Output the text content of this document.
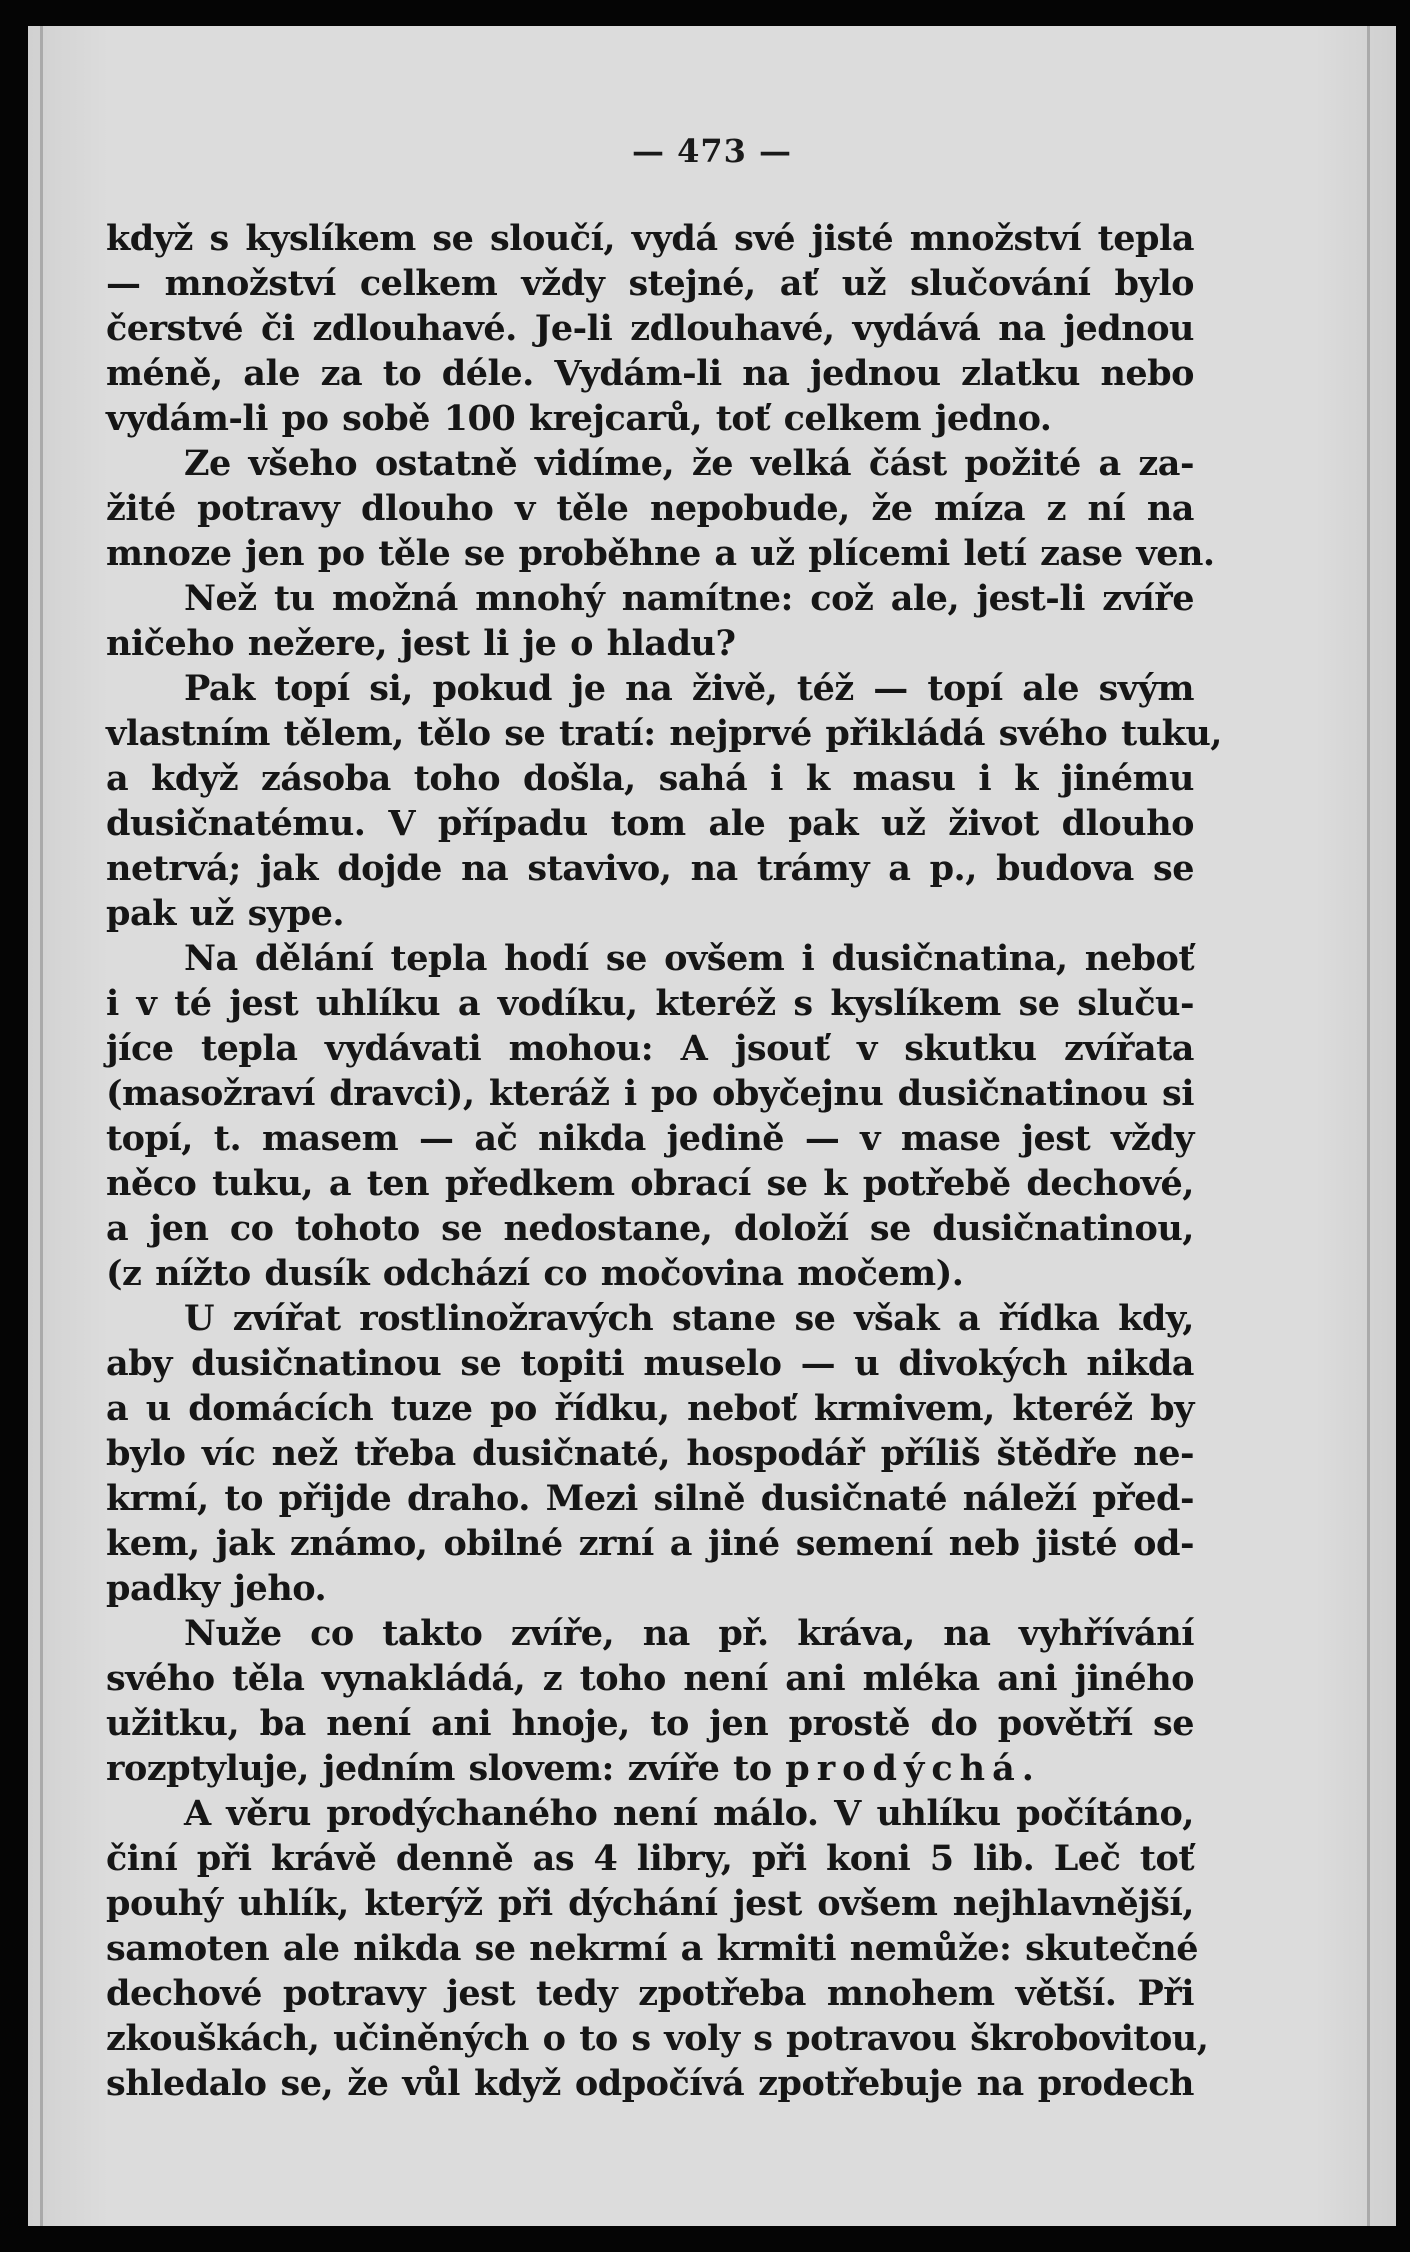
— 473 —
když s kyslíkem se sloučí, vydá své jisté množství tepla
— množství celkem vždy stejné, ať už slučování bylo
čerstvé či zdlouhavé. Je-li zdlouhavé, vydává na jednou
méně, ale za to déle. Vydám-li na jednou zlatku nebo
vydám-li po sobě 100 krejcarů, toť celkem jedno.
Ze všeho ostatně vidíme, že velká část požité a za-
žité potravy dlouho v těle nepobude, že míza z ní na
mnoze jen po těle se proběhne a už plícemi letí zase ven.
Než tu možná mnohý namítne: což ale, jest-li zvíře
ničeho nežere, jest li je o hladu?
Pak topí si, pokud je na živě, též — topí ale svým
vlastním tělem, tělo se tratí: nejprvé přikládá svého tuku,
a když zásoba toho došla, sahá i k masu i k jinému
dusičnatému. V případu tom ale pak už život dlouho
netrvá; jak dojde na stavivo, na trámy a p., budova se
pak už sype.
Na dělání tepla hodí se ovšem i dusičnatina, neboť
i v té jest uhlíku a vodíku, kteréž s kyslíkem se sluču-
jíce tepla vydávati mohou: A jsouť v skutku zvířata
(masožraví dravci), kteráž i po obyčejnu dusičnatinou si
topí, t. masem — ač nikda jedině — v mase jest vždy
něco tuku, a ten předkem obrací se k potřebě dechové,
a jen co tohoto se nedostane, doloží se dusičnatinou,
(z nížto dusík odchází co močovina močem).
U zvířat rostlinožravých stane se však a řídka kdy,
aby dusičnatinou se topiti muselo — u divokých nikda
a u domácích tuze po řídku, neboť krmivem, kteréž by
bylo víc než třeba dusičnaté, hospodář příliš štědře ne-
krmí, to přijde draho. Mezi silně dusičnaté náleží před-
kem, jak známo, obilné zrní a jiné semení neb jisté od-
padky jeho.
Nuže co takto zvíře, na př. kráva, na vyhřívání
svého těla vynakládá, z toho není ani mléka ani jiného
užitku, ba není ani hnoje, to jen prostě do povětří se
rozptyluje, jedním slovem: zvíře to prodýchá.
A věru prodýchaného není málo. V uhlíku počítáno,
činí při krávě denně as 4 libry, při koni 5 lib. Leč toť
pouhý uhlík, kterýž při dýchání jest ovšem nejhlavnější,
samoten ale nikda se nekrmí a krmiti nemůže: skutečné
dechové potravy jest tedy zpotřeba mnohem větší. Při
zkouškách, učiněných o to s voly s potravou škrobovitou,
shledalo se, že vůl když odpočívá zpotřebuje na prodech
